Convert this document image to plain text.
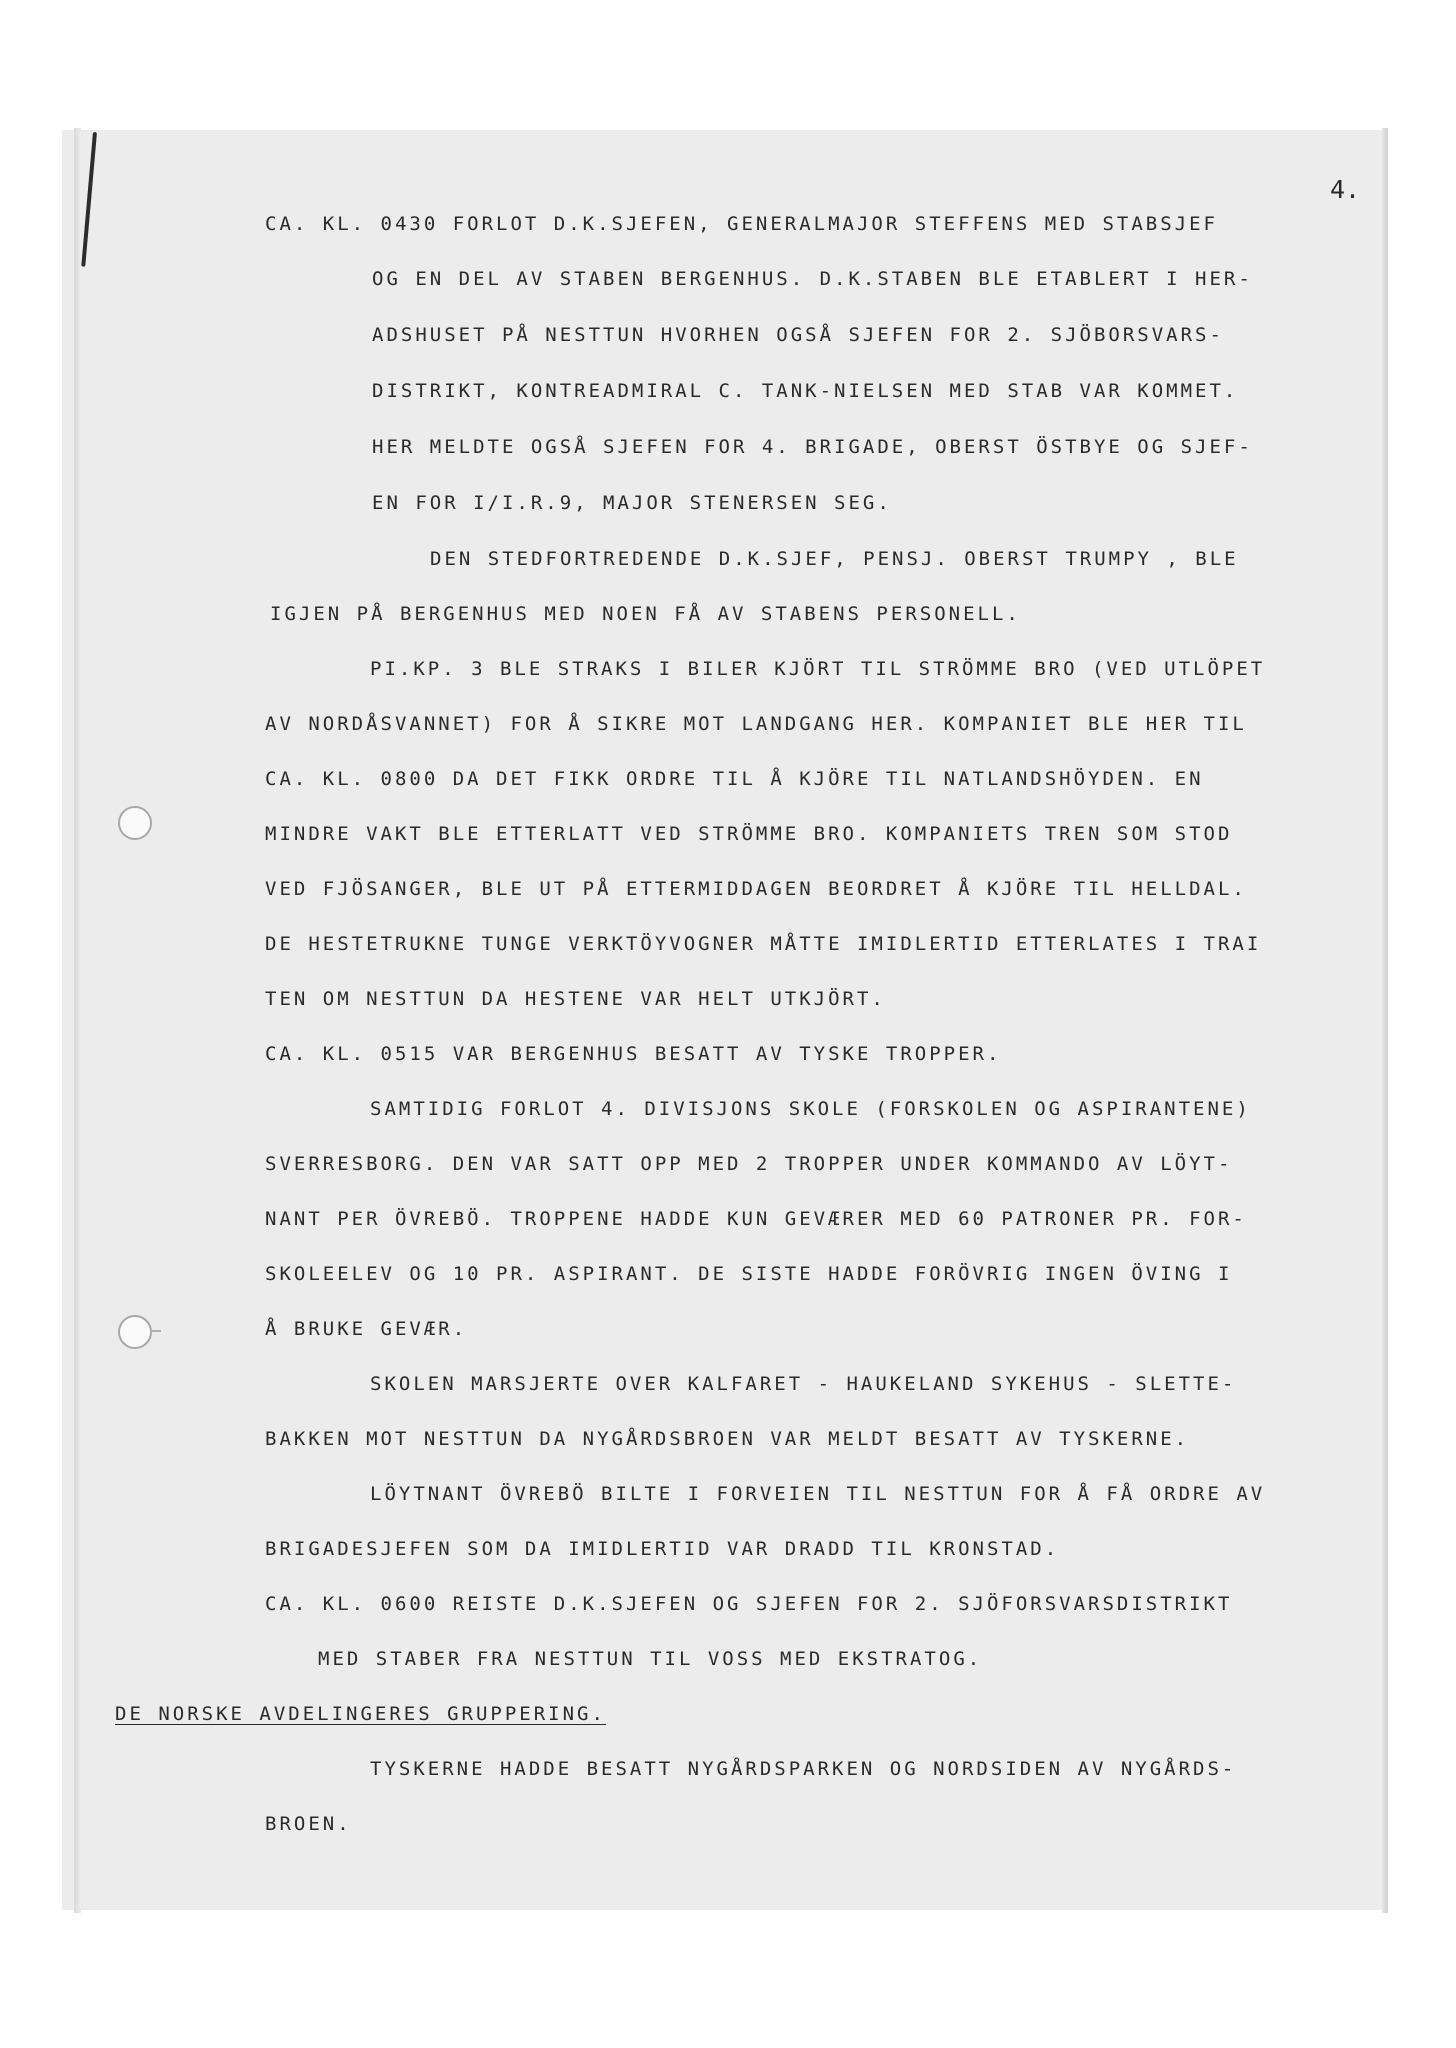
4.
CA. KL. 0430 FORLOT D.K.SJEFEN, GENERALMAJOR STEFFENS MED STABSJEF
OG EN DEL AV STABEN BERGENHUS. D.K.STABEN BLE ETABLERT I HER-
ADSHUSET PÅ NESTTUN HVORHEN OGSÅ SJEFEN FOR 2. SJÖBORSVARS-
DISTRIKT, KONTREADMIRAL C. TANK-NIELSEN MED STAB VAR KOMMET.
HER MELDTE OGSÅ SJEFEN FOR 4. BRIGADE, OBERST ÖSTBYE OG SJEF-
EN FOR I/I.R.9, MAJOR STENERSEN SEG.
DEN STEDFORTREDENDE D.K.SJEF, PENSJ. OBERST TRUMPY , BLE
IGJEN PÅ BERGENHUS MED NOEN FÅ AV STABENS PERSONELL.
PI.KP. 3 BLE STRAKS I BILER KJÖRT TIL STRÖMME BRO (VED UTLÖPET
AV NORDÅSVANNET) FOR Å SIKRE MOT LANDGANG HER. KOMPANIET BLE HER TIL
CA. KL. 0800 DA DET FIKK ORDRE TIL Å KJÖRE TIL NATLANDSHÖYDEN. EN
MINDRE VAKT BLE ETTERLATT VED STRÖMME BRO. KOMPANIETS TREN SOM STOD
VED FJÖSANGER, BLE UT PÅ ETTERMIDDAGEN BEORDRET Å KJÖRE TIL HELLDAL.
DE HESTETRUKNE TUNGE VERKTÖYVOGNER MÅTTE IMIDLERTID ETTERLATES I TRAI
TEN OM NESTTUN DA HESTENE VAR HELT UTKJÖRT.
CA. KL. 0515 VAR BERGENHUS BESATT AV TYSKE TROPPER.
SAMTIDIG FORLOT 4. DIVISJONS SKOLE (FORSKOLEN OG ASPIRANTENE)
SVERRESBORG. DEN VAR SATT OPP MED 2 TROPPER UNDER KOMMANDO AV LÖYT-
NANT PER ÖVREBÖ. TROPPENE HADDE KUN GEVÆRER MED 60 PATRONER PR. FOR-
SKOLEELEV OG 10 PR. ASPIRANT. DE SISTE HADDE FORÖVRIG INGEN ÖVING I
Å BRUKE GEVÆR.
SKOLEN MARSJERTE OVER KALFARET - HAUKELAND SYKEHUS - SLETTE-
BAKKEN MOT NESTTUN DA NYGÅRDSBROEN VAR MELDT BESATT AV TYSKERNE.
LÖYTNANT ÖVREBÖ BILTE I FORVEIEN TIL NESTTUN FOR Å FÅ ORDRE AV
BRIGADESJEFEN SOM DA IMIDLERTID VAR DRADD TIL KRONSTAD.
CA. KL. 0600 REISTE D.K.SJEFEN OG SJEFEN FOR 2. SJÖFORSVARSDISTRIKT
MED STABER FRA NESTTUN TIL VOSS MED EKSTRATOG.
DE NORSKE AVDELINGERES GRUPPERING.
TYSKERNE HADDE BESATT NYGÅRDSPARKEN OG NORDSIDEN AV NYGÅRDS-
BROEN.
